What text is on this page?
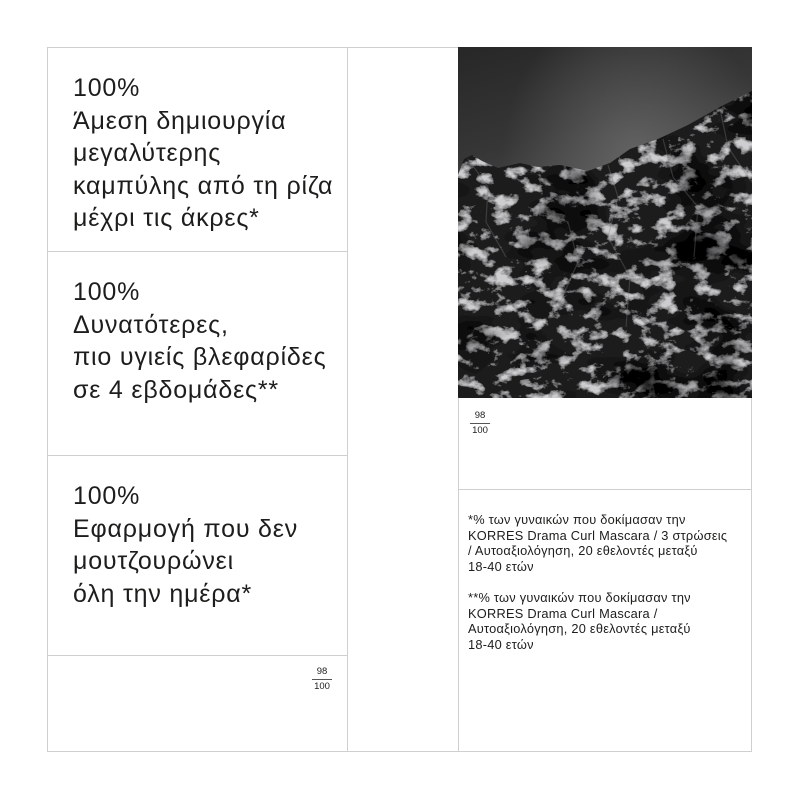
100%
Άμεση δημιουργία
μεγαλύτερης
καμπύλης από τη ρίζα
μέχρι τις άκρες*
100%
Δυνατότερες,
πιο υγιείς βλεφαρίδες
σε 4 εβδομάδες**
100%
Εφαρμογή που δεν
μουτζουρώνει
όλη την ημέρα*
$\frac{98}{100}$
$\frac{98}{100}$
*% των γυναικών που δοκίμασαν την
KORRES Drama Curl Mascara / 3 στρώσεις
/ Αυτοαξιολόγηση, 20 εθελοντές μεταξύ
18-40 ετών
**% των γυναικών που δοκίμασαν την
KORRES Drama Curl Mascara /
Αυτοαξιολόγηση, 20 εθελοντές μεταξύ
18-40 ετών
